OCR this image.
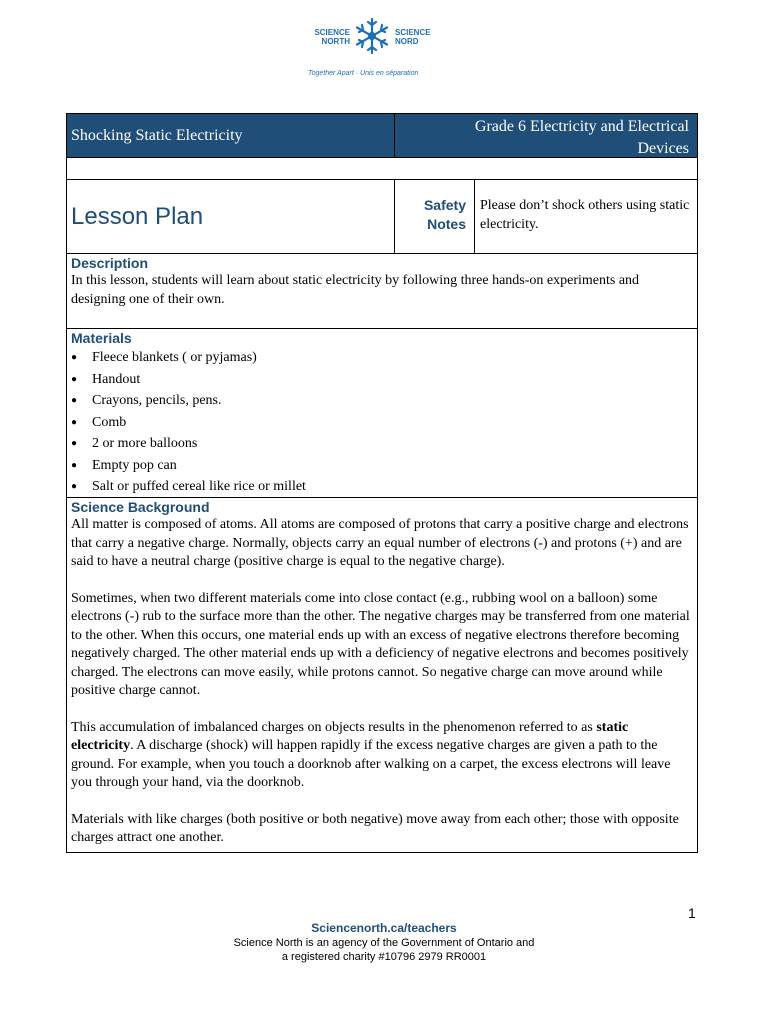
SCIENCE
NORTH
SCIENCE
NORD
Together Apart · Unis en séparation
Shocking Static Electricity	Grade 6 Electricity and Electrical
Devices
Lesson Plan	Safety
Notes
Please don’t shock others using static electricity.
Description
In this lesson, students will learn about static electricity by following three hands-on experiments and designing one of their own.
Materials
● Fleece blankets ( or pyjamas)
● Handout
● Crayons, pencils, pens.
● Comb
● 2 or more balloons
● Empty pop can
● Salt or puffed cereal like rice or millet
Science Background
All matter is composed of atoms. All atoms are composed of protons that carry a positive charge and electrons that carry a negative charge. Normally, objects carry an equal number of electrons (-) and protons (+) and are said to have a neutral charge (positive charge is equal to the negative charge).
Sometimes, when two different materials come into close contact (e.g., rubbing wool on a balloon) some electrons (-) rub to the surface more than the other. The negative charges may be transferred from one material to the other. When this occurs, one material ends up with an excess of negative electrons therefore becoming negatively charged. The other material ends up with a deficiency of negative electrons and becomes positively charged. The electrons can move easily, while protons cannot. So negative charge can move around while positive charge cannot.
This accumulation of imbalanced charges on objects results in the phenomenon referred to as static electricity. A discharge (shock) will happen rapidly if the excess negative charges are given a path to the ground. For example, when you touch a doorknob after walking on a carpet, the excess electrons will leave you through your hand, via the doorknob.
Materials with like charges (both positive or both negative) move away from each other; those with opposite charges attract one another.
1
Sciencenorth.ca/teachers
Science North is an agency of the Government of Ontario and
a registered charity #10796 2979 RR0001
